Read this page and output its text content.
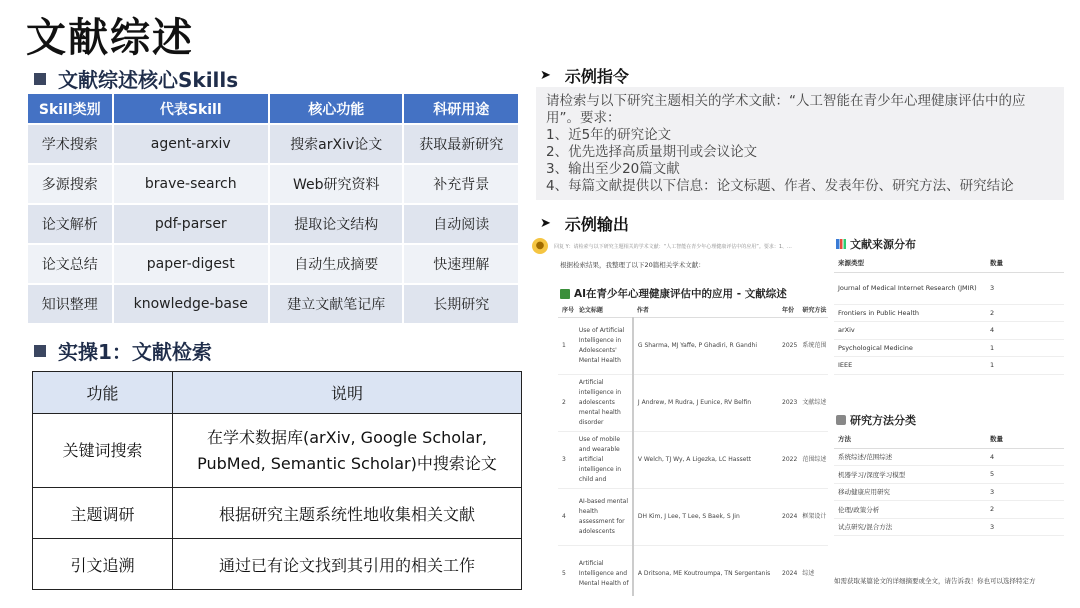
文献综述
文献综述核心Skills
Skill类别	代表Skill	核心功能	科研用途
学术搜索	agent-arxiv	搜索arXiv论文	获取最新研究
多源搜索	brave-search	Web研究资料	补充背景
论文解析	pdf-parser	提取论文结构	自动阅读
论文总结	paper-digest	自动生成摘要	快速理解
知识整理	knowledge-base	建立文献笔记库	长期研究
实操1：文献检索
功能	说明
关键词搜索	在学术数据库(arXiv, Google Scholar, PubMed, Semantic Scholar)中搜索论文
主题调研	根据研究主题系统性地收集相关文献
引文追溯	通过已有论文找到其引用的相关工作
➤ 示例指令
请检索与以下研究主题相关的学术文献：“人工智能在青少年心理健康评估中的应用”。要求：
1、近5年的研究论文
2、优先选择高质量期刊或会议论文
3、输出至少20篇文献
4、每篇文献提供以下信息：论文标题、作者、发表年份、研究方法、研究结论
➤ 示例输出
●	回复 Y：请检索与以下研究主题相关的学术文献：“人工智能在青少年心理健康评估中的应用”。要求：1、...
根据检索结果，我整理了以下20篇相关学术文献：
AI在青少年心理健康评估中的应用 - 文献综述
序号	论文标题	作者	年份	研究方法
1	Use of Artificial Intelligence in Adolescents' Mental Health	G Sharma, MJ Yaffe, P Ghadiri, R Gandhi	2025	系统范围
2	Artificial intelligence in adolescents mental health disorder	J Andrew, M Rudra, J Eunice, RV Belfin	2023	文献综述
3	Use of mobile and wearable artificial intelligence in child and	V Welch, TJ Wy, A Ligezka, LC Hassett	2022	范围综述
4	AI-based mental health assessment for adolescents	DH Kim, J Lee, T Lee, S Baek, S Jin	2024	框架设计
5	Artificial Intelligence and Mental Health of	A Dritsona, ME Koutroumpa, TN Sergentanis	2024	综述
文献来源分布
来源类型	数量
Journal of Medical Internet Research (JMIR)	3
Frontiers in Public Health	2
arXiv	4
Psychological Medicine	1
IEEE	1
研究方法分类
方法	数量
系统综述/范围综述	4
机器学习/深度学习模型	5
移动健康应用研究	3
伦理/政策分析	2
试点研究/混合方法	3
如需获取某篇论文的详细摘要或全文，请告诉我！你也可以选择特定方
